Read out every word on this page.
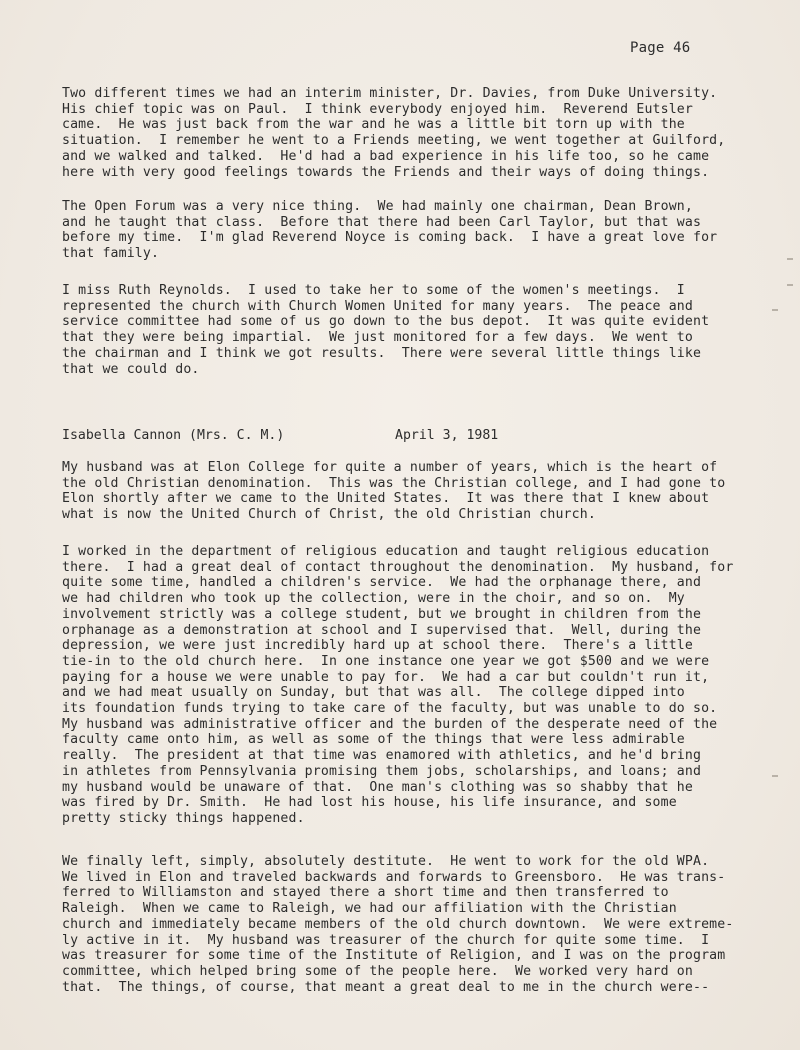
Page 46
Two different times we had an interim minister, Dr. Davies, from Duke University.
His chief topic was on Paul.  I think everybody enjoyed him.  Reverend Eutsler
came.  He was just back from the war and he was a little bit torn up with the
situation.  I remember he went to a Friends meeting, we went together at Guilford,
and we walked and talked.  He'd had a bad experience in his life too, so he came
here with very good feelings towards the Friends and their ways of doing things.
The Open Forum was a very nice thing.  We had mainly one chairman, Dean Brown,
and he taught that class.  Before that there had been Carl Taylor, but that was
before my time.  I'm glad Reverend Noyce is coming back.  I have a great love for
that family.
I miss Ruth Reynolds.  I used to take her to some of the women's meetings.  I
represented the church with Church Women United for many years.  The peace and
service committee had some of us go down to the bus depot.  It was quite evident
that they were being impartial.  We just monitored for a few days.  We went to
the chairman and I think we got results.  There were several little things like
that we could do.
Isabella Cannon (Mrs. C. M.)	April 3, 1981
My husband was at Elon College for quite a number of years, which is the heart of
the old Christian denomination.  This was the Christian college, and I had gone to
Elon shortly after we came to the United States.  It was there that I knew about
what is now the United Church of Christ, the old Christian church.
I worked in the department of religious education and taught religious education
there.  I had a great deal of contact throughout the denomination.  My husband, for
quite some time, handled a children's service.  We had the orphanage there, and
we had children who took up the collection, were in the choir, and so on.  My
involvement strictly was a college student, but we brought in children from the
orphanage as a demonstration at school and I supervised that.  Well, during the
depression, we were just incredibly hard up at school there.  There's a little
tie-in to the old church here.  In one instance one year we got $500 and we were
paying for a house we were unable to pay for.  We had a car but couldn't run it,
and we had meat usually on Sunday, but that was all.  The college dipped into
its foundation funds trying to take care of the faculty, but was unable to do so.
My husband was administrative officer and the burden of the desperate need of the
faculty came onto him, as well as some of the things that were less admirable
really.  The president at that time was enamored with athletics, and he'd bring
in athletes from Pennsylvania promising them jobs, scholarships, and loans; and
my husband would be unaware of that.  One man's clothing was so shabby that he
was fired by Dr. Smith.  He had lost his house, his life insurance, and some
pretty sticky things happened.
We finally left, simply, absolutely destitute.  He went to work for the old WPA.
We lived in Elon and traveled backwards and forwards to Greensboro.  He was trans-
ferred to Williamston and stayed there a short time and then transferred to
Raleigh.  When we came to Raleigh, we had our affiliation with the Christian
church and immediately became members of the old church downtown.  We were extreme-
ly active in it.  My husband was treasurer of the church for quite some time.  I
was treasurer for some time of the Institute of Religion, and I was on the program
committee, which helped bring some of the people here.  We worked very hard on
that.  The things, of course, that meant a great deal to me in the church were--
